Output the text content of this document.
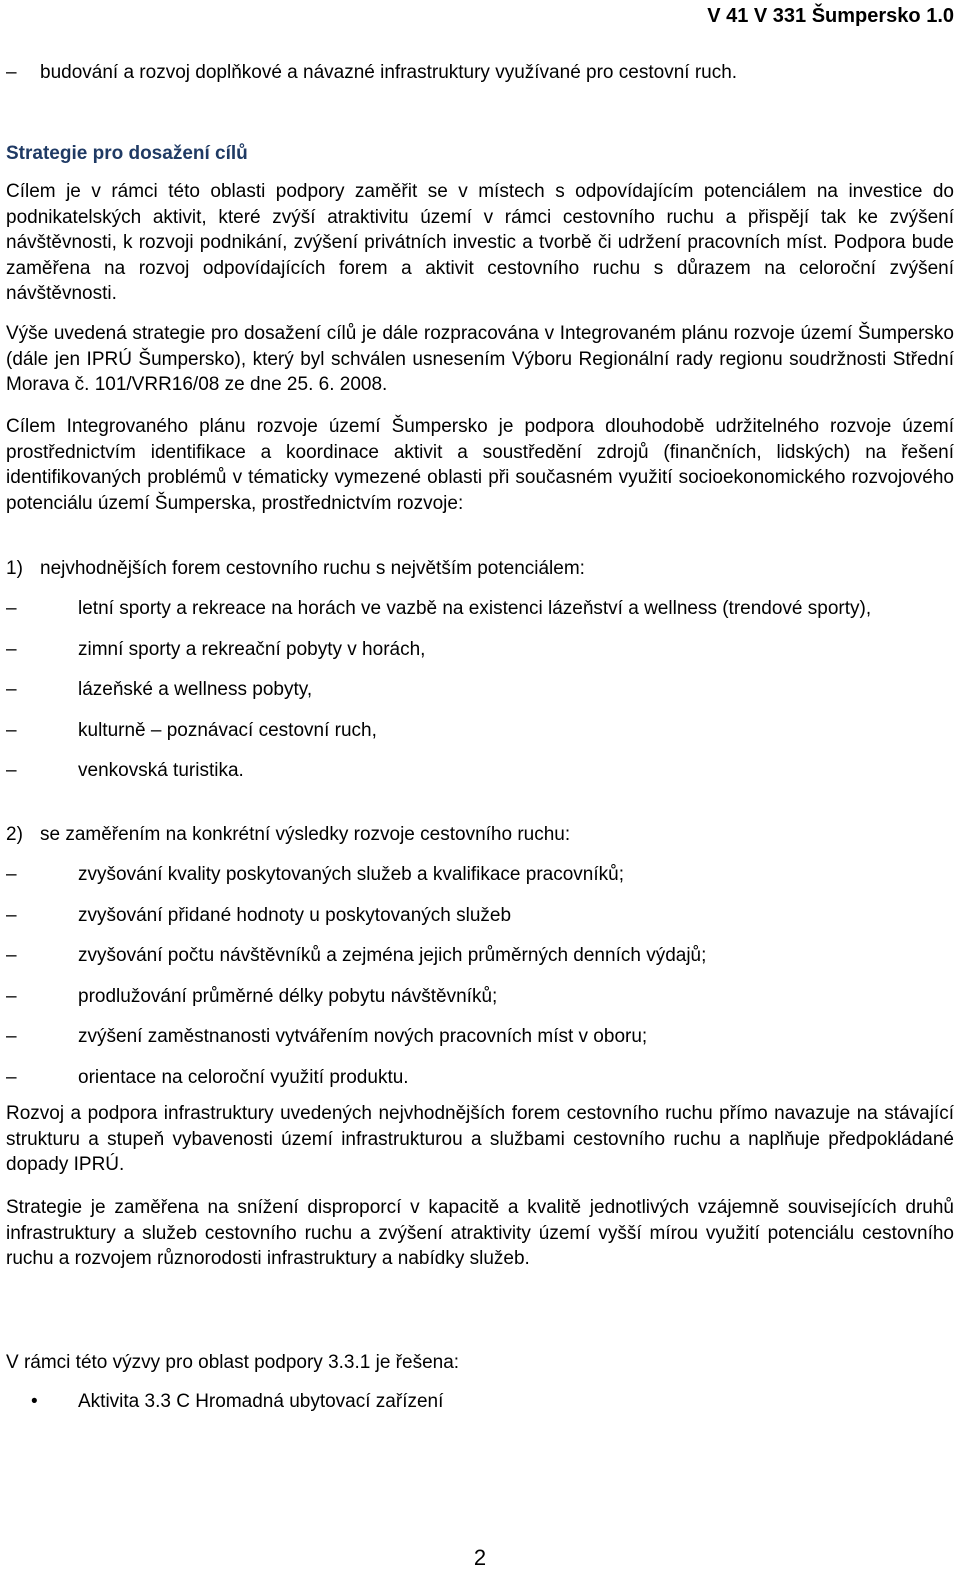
V 41 V 331 Šumpersko 1.0
–	budování a rozvoj doplňkové a návazné infrastruktury využívané pro cestovní ruch.
Strategie pro dosažení cílů
Cílem je v rámci této oblasti podpory zaměřit se v místech s odpovídajícím potenciálem na investice do podnikatelských aktivit, které zvýší atraktivitu území v rámci cestovního ruchu a přispějí tak ke zvýšení návštěvnosti, k rozvoji podnikání, zvýšení privátních investic a tvorbě či udržení pracovních míst. Podpora bude zaměřena na rozvoj odpovídajících forem a aktivit cestovního ruchu s důrazem na celoroční zvýšení návštěvnosti.
Výše uvedená strategie pro dosažení cílů je dále rozpracována v Integrovaném plánu rozvoje území Šumpersko (dále jen IPRÚ Šumpersko), který byl schválen usnesením Výboru Regionální rady regionu soudržnosti Střední Morava č. 101/VRR16/08 ze dne 25. 6. 2008.
Cílem Integrovaného plánu rozvoje území Šumpersko je podpora dlouhodobě udržitelného rozvoje území prostřednictvím identifikace a koordinace aktivit a soustředění zdrojů (finančních, lidských) na řešení identifikovaných problémů v tématicky vymezené oblasti při současném využití socioekonomického rozvojového potenciálu území Šumperska, prostřednictvím rozvoje:
1) nejvhodnějších forem cestovního ruchu s největším potenciálem:
–	letní sporty a rekreace na horách ve vazbě na existenci lázeňství a wellness (trendové sporty),
–	zimní sporty a rekreační pobyty v horách,
–	lázeňské a wellness pobyty,
–	kulturně – poznávací cestovní ruch,
–	venkovská turistika.
2) se zaměřením na konkrétní výsledky rozvoje cestovního ruchu:
–	zvyšování kvality poskytovaných služeb a kvalifikace pracovníků;
–	zvyšování přidané hodnoty u poskytovaných služeb
–	zvyšování počtu návštěvníků a zejména jejich průměrných denních výdajů;
–	prodlužování průměrné délky pobytu návštěvníků;
–	zvýšení zaměstnanosti vytvářením nových pracovních míst v oboru;
–	orientace na celoroční využití produktu.
Rozvoj a podpora infrastruktury uvedených nejvhodnějších forem cestovního ruchu přímo navazuje na stávající strukturu a stupeň vybavenosti území infrastrukturou a službami cestovního ruchu a naplňuje předpokládané dopady IPRÚ.
Strategie je zaměřena na snížení disproporcí v kapacitě a kvalitě jednotlivých vzájemně souvisejících druhů infrastruktury a služeb cestovního ruchu a zvýšení atraktivity území vyšší mírou využití potenciálu cestovního ruchu a rozvojem různorodosti infrastruktury a nabídky služeb.
V rámci této výzvy pro oblast podpory 3.3.1 je řešena:
•	Aktivita 3.3 C Hromadná ubytovací zařízení
2
